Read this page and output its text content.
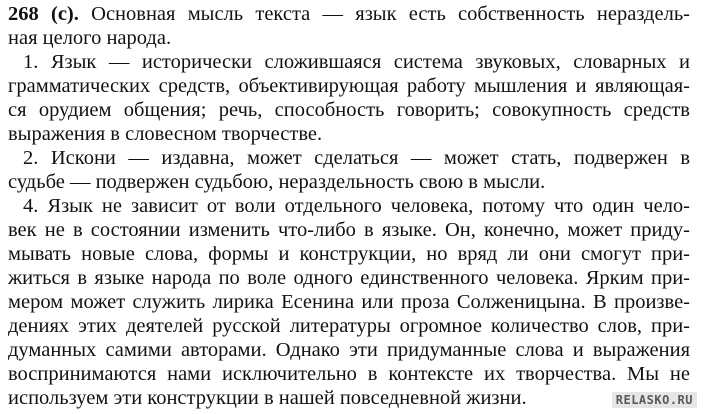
268 (с). Основная мысль текста — язык есть собственность нераздель-
ная целого народа.
1. Язык — исторически сложившаяся система звуковых, словарных и
грамматических средств, объективирующая работу мышления и являющая-
ся орудием общения; речь, способность говорить; совокупность средств
выражения в словесном творчестве.
2. Искони — издавна, может сделаться — может стать, подвержен в
судьбе — подвержен судьбою, нераздельность свою в мысли.
4. Язык не зависит от воли отдельного человека, потому что один чело-
век не в состоянии изменить что-либо в языке. Он, конечно, может приду-
мывать новые слова, формы и конструкции, но вряд ли они смогут при-
житься в языке народа по воле одного единственного человека. Ярким при-
мером может служить лирика Есенина или проза Солженицына. В произве-
дениях этих деятелей русской литературы огромное количество слов, при-
думанных самими авторами. Однако эти придуманные слова и выражения
воспринимаются нами исключительно в контексте их творчества. Мы не
используем эти конструкции в нашей повседневной жизни.	RELASKO.RU
